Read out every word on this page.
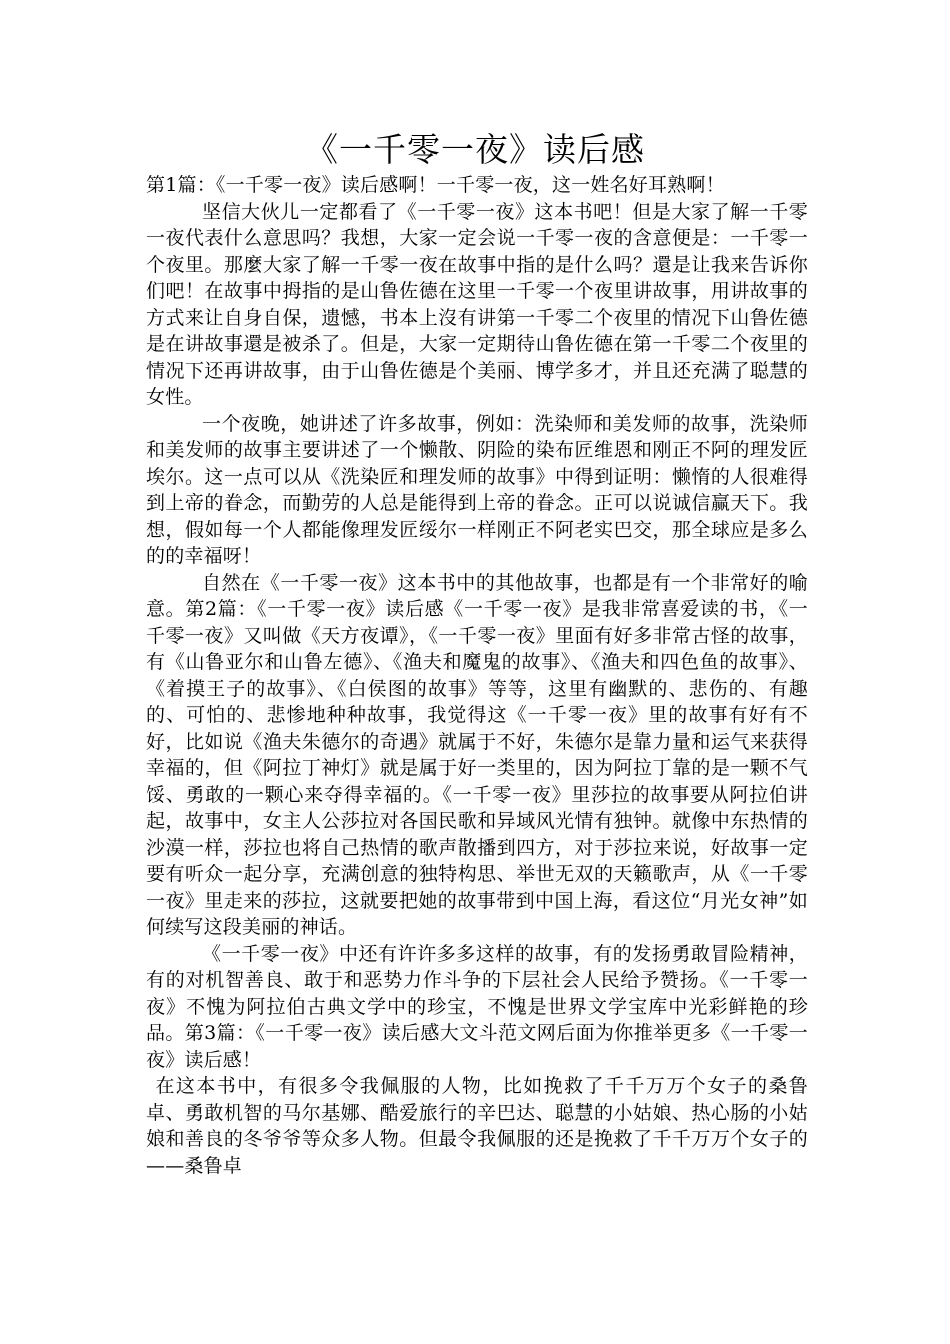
《一千零一夜》读后感

第1篇：《一千零一夜》读后感啊！一千零一夜，这一姓名好耳熟啊！

坚信大伙儿一定都看了《一千零一夜》这本书吧！但是大家了解一千零一夜代表什么意思吗？我想，大家一定会说一千零一夜的含意便是：一千零一个夜里。那麼大家了解一千零一夜在故事中指的是什么吗？還是让我来告诉你们吧！在故事中拇指的是山鲁佐德在这里一千零一个夜里讲故事，用讲故事的方式来让自身自保，遗憾，书本上沒有讲第一千零二个夜里的情况下山鲁佐德是在讲故事還是被杀了。但是，大家一定期待山鲁佐德在第一千零二个夜里的情况下还再讲故事，由于山鲁佐德是个美丽、博学多才，并且还充满了聪慧的女性。

一个夜晚，她讲述了许多故事，例如：洗染师和美发师的故事，洗染师和美发师的故事主要讲述了一个懒散、阴险的染布匠维恩和刚正不阿的理发匠埃尔。这一点可以从《洗染匠和理发师的故事》中得到证明：懒惰的人很难得到上帝的眷念，而勤劳的人总是能得到上帝的眷念。正可以说诚信赢天下。我想，假如每一个人都能像理发匠绥尔一样刚正不阿老实巴交，那全球应是多么的的幸福呀！

自然在《一千零一夜》这本书中的其他故事，也都是有一个非常好的喻意。第2篇：《一千零一夜》读后感《一千零一夜》是我非常喜爱读的书，《一千零一夜》又叫做《天方夜谭》，《一千零一夜》里面有好多非常古怪的故事，有《山鲁亚尔和山鲁左德》、《渔夫和魔鬼的故事》、《渔夫和四色鱼的故事》、《着摸王子的故事》、《白侯图的故事》等等，这里有幽默的、悲伤的、有趣的、可怕的、悲惨地种种故事，我觉得这《一千零一夜》里的故事有好有不好，比如说《渔夫朱德尔的奇遇》就属于不好，朱德尔是靠力量和运气来获得幸福的，但《阿拉丁神灯》就是属于好一类里的，因为阿拉丁靠的是一颗不气馁、勇敢的一颗心来夺得幸福的。《一千零一夜》里莎拉的故事要从阿拉伯讲起，故事中，女主人公莎拉对各国民歌和异域风光情有独钟。就像中东热情的沙漠一样，莎拉也将自己热情的歌声散播到四方，对于莎拉来说，好故事一定要有听众一起分享，充满创意的独特构思、举世无双的天籁歌声，从《一千零一夜》里走来的莎拉，这就要把她的故事带到中国上海，看这位“月光女神”如何续写这段美丽的神话。

《一千零一夜》中还有许许多多这样的故事，有的发扬勇敢冒险精神，有的对机智善良、敢于和恶势力作斗争的下层社会人民给予赞扬。《一千零一夜》不愧为阿拉伯古典文学中的珍宝，不愧是世界文学宝库中光彩鲜艳的珍品。第3篇：《一千零一夜》读后感大文斗范文网后面为你推举更多《一千零一夜》读后感！

在这本书中，有很多令我佩服的人物，比如挽救了千千万万个女子的桑鲁卓、勇敢机智的马尔基娜、酷爱旅行的辛巴达、聪慧的小姑娘、热心肠的小姑娘和善良的冬爷爷等众多人物。但最令我佩服的还是挽救了千千万万个女子的——桑鲁卓
